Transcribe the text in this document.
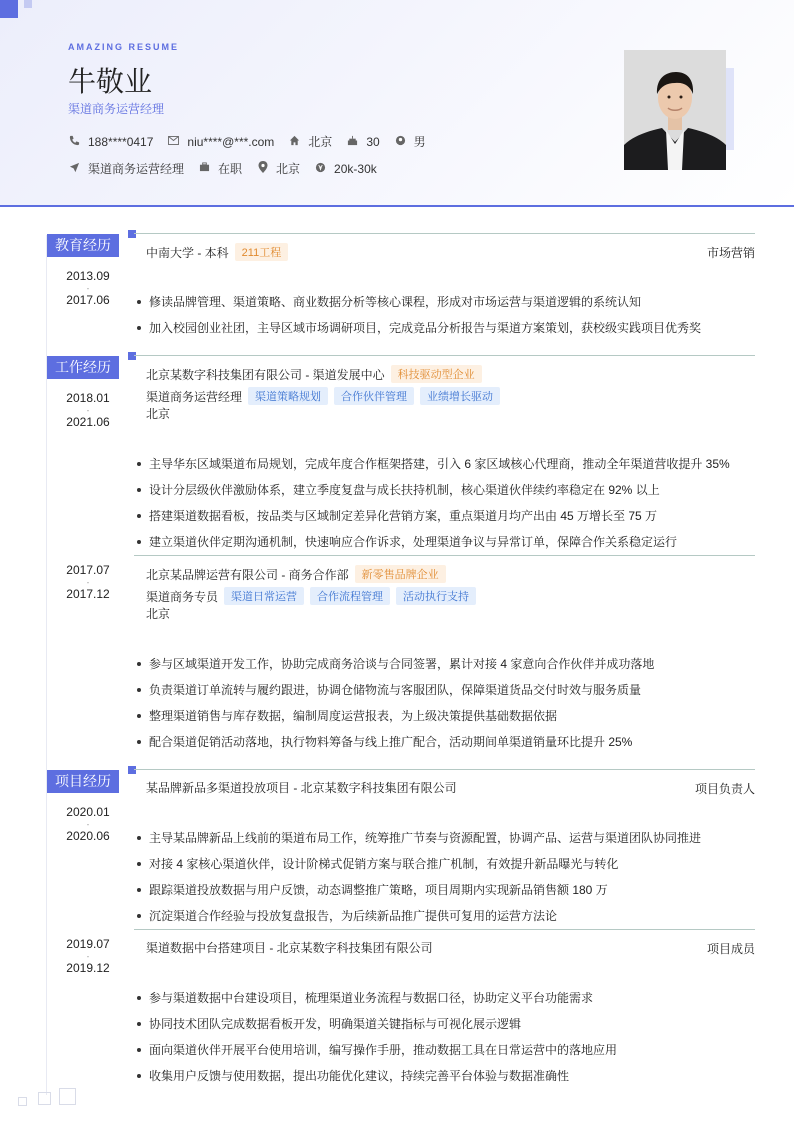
AMAZING RESUME
牛敬业
渠道商务运营经理
188****0417	niu****@***.com	北京	30	男
渠道商务运营经理	在职	北京	20k-30k
教育经历	中南大学 - 本科	211工程	市场营销
2013.09
-
2017.06	修读品牌管理、渠道策略、商业数据分析等核心课程，形成对市场运营与渠道逻辑的系统认知
加入校园创业社团，主导区域市场调研项目，完成竞品分析报告与渠道方案策划，获校级实践项目优秀奖
工作经历	北京某数字科技集团有限公司 - 渠道发展中心	科技驱动型企业
渠道商务运营经理	渠道策略规划	合作伙伴管理	业绩增长驱动
北京
2018.01
-
2021.06
主导华东区域渠道布局规划，完成年度合作框架搭建，引入 6 家区域核心代理商，推动全年渠道营收提升 35%
设计分层级伙伴激励体系，建立季度复盘与成长扶持机制，核心渠道伙伴续约率稳定在 92% 以上
搭建渠道数据看板，按品类与区域制定差异化营销方案，重点渠道月均产出由 45 万增长至 75 万
建立渠道伙伴定期沟通机制，快速响应合作诉求，处理渠道争议与异常订单，保障合作关系稳定运行
北京某品牌运营有限公司 - 商务合作部	新零售品牌企业
渠道商务专员	渠道日常运营	合作流程管理	活动执行支持
北京
2017.07
-
2017.12
参与区域渠道开发工作，协助完成商务洽谈与合同签署，累计对接 4 家意向合作伙伴并成功落地
负责渠道订单流转与履约跟进，协调仓储物流与客服团队，保障渠道货品交付时效与服务质量
整理渠道销售与库存数据，编制周度运营报表，为上级决策提供基础数据依据
配合渠道促销活动落地，执行物料筹备与线上推广配合，活动期间单渠道销量环比提升 25%
项目经历	某品牌新品多渠道投放项目 - 北京某数字科技集团有限公司	项目负责人
2020.01
-
2020.06	主导某品牌新品上线前的渠道布局工作，统筹推广节奏与资源配置，协调产品、运营与渠道团队协同推进
对接 4 家核心渠道伙伴，设计阶梯式促销方案与联合推广机制，有效提升新品曝光与转化
跟踪渠道投放数据与用户反馈，动态调整推广策略，项目周期内实现新品销售额 180 万
沉淀渠道合作经验与投放复盘报告，为后续新品推广提供可复用的运营方法论
渠道数据中台搭建项目 - 北京某数字科技集团有限公司	项目成员
2019.07
-
2019.12
参与渠道数据中台建设项目，梳理渠道业务流程与数据口径，协助定义平台功能需求
协同技术团队完成数据看板开发，明确渠道关键指标与可视化展示逻辑
面向渠道伙伴开展平台使用培训，编写操作手册，推动数据工具在日常运营中的落地应用
收集用户反馈与使用数据，提出功能优化建议，持续完善平台体验与数据准确性
